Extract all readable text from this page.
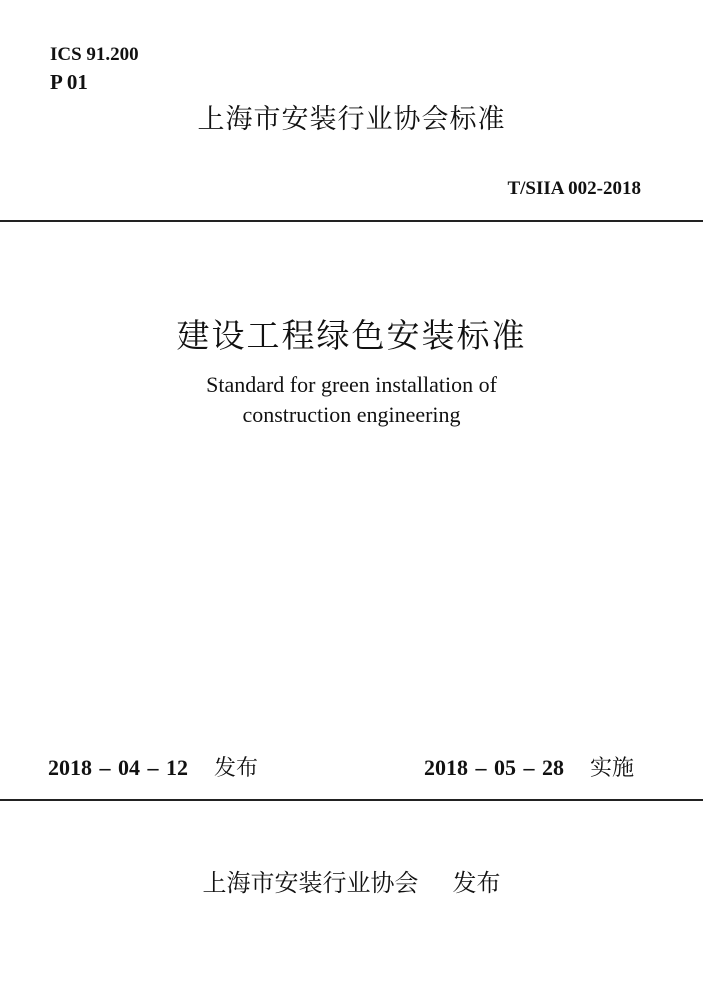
ICS 91.200
P 01
上海市安装行业协会标准
T/SIIA 002-2018
建设工程绿色安装标准
Standard for green installation of
construction engineering
2018 – 04 – 12 发布	2018 – 05 – 28 实施
上海市安装行业协会 发布
